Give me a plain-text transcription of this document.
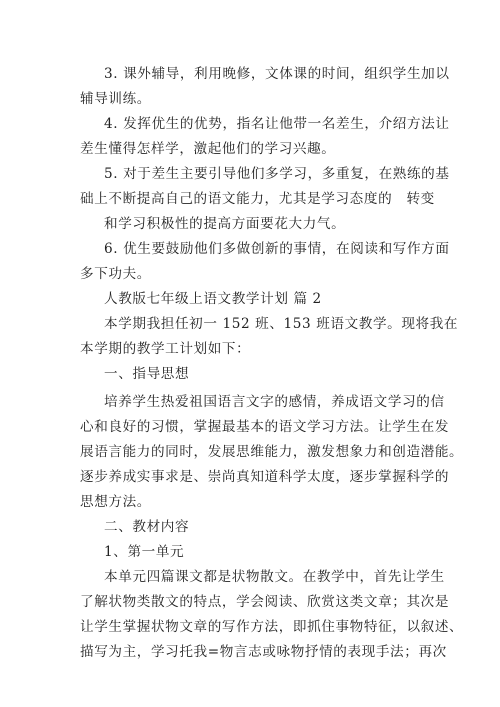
3. 课外辅导，利用晚修，文体课的时间，组织学生加以
辅导训练。
4. 发挥优生的优势，指名让他带一名差生，介绍方法让
差生懂得怎样学，激起他们的学习兴趣。
5. 对于差生主要引导他们多学习，多重复，在熟练的基
础上不断提高自己的语文能力，尤其是学习态度的　转变
和学习积极性的提高方面要花大力气。
6. 优生要鼓励他们多做创新的事情，在阅读和写作方面
多下功夫。
人教版七年级上语文教学计划 篇 2
本学期我担任初一 152 班、153 班语文教学。现将我在
本学期的教学工计划如下：
一、指导思想
培养学生热爱祖国语言文字的感情，养成语文学习的信
心和良好的习惯，掌握最基本的语文学习方法。让学生在发
展语言能力的同时，发展思维能力，激发想象力和创造潜能。
逐步养成实事求是、崇尚真知道科学太度，逐步掌握科学的
思想方法。
二、教材内容
1、第一单元
本单元四篇课文都是状物散文。在教学中，首先让学生
了解状物类散文的特点，学会阅读、欣赏这类文章；其次是
让学生掌握状物文章的写作方法，即抓住事物特征，以叙述、
描写为主，学习托我=物言志或咏物抒情的表现手法；再次
